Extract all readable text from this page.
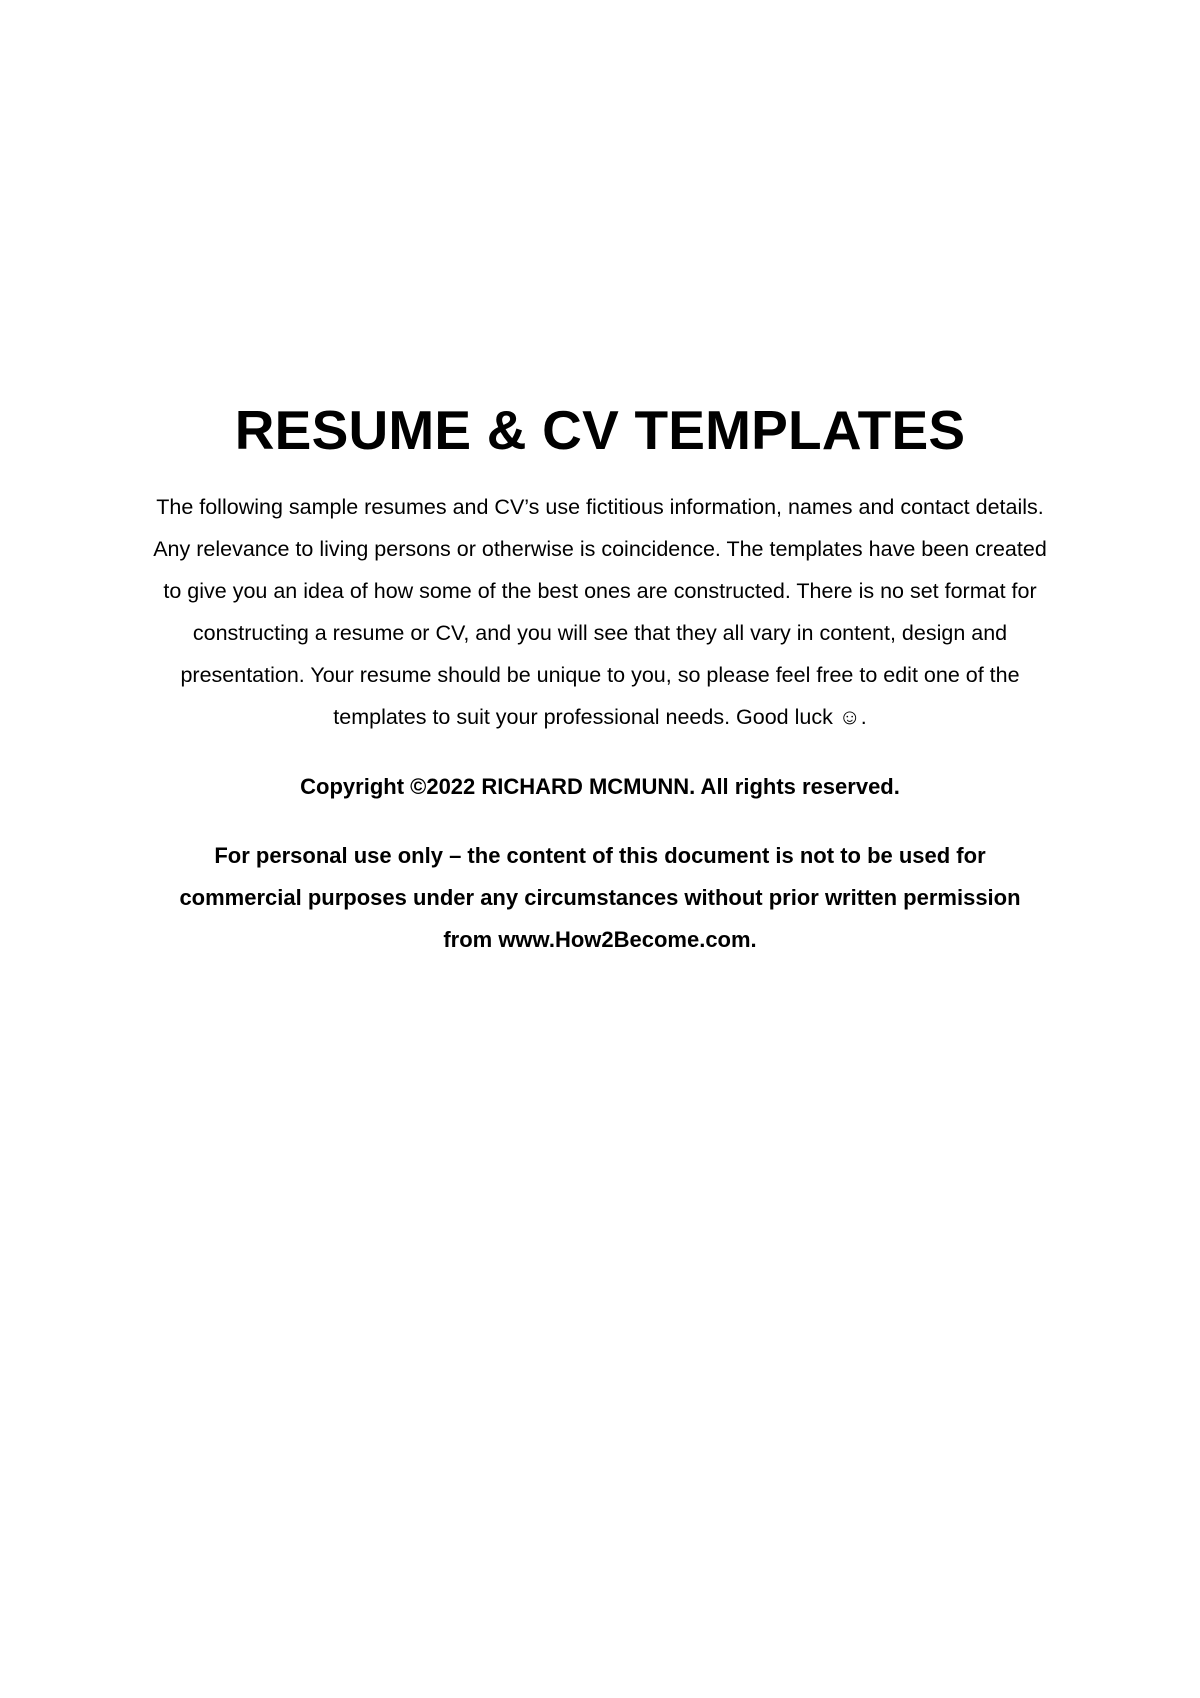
RESUME & CV TEMPLATES

The following sample resumes and CV’s use fictitious information, names and contact details. Any relevance to living persons or otherwise is coincidence. The templates have been created to give you an idea of how some of the best ones are constructed. There is no set format for constructing a resume or CV, and you will see that they all vary in content, design and presentation. Your resume should be unique to you, so please feel free to edit one of the templates to suit your professional needs. Good luck ☺.

Copyright ©2022 RICHARD MCMUNN. All rights reserved.

For personal use only – the content of this document is not to be used for commercial purposes under any circumstances without prior written permission from www.How2Become.com.
